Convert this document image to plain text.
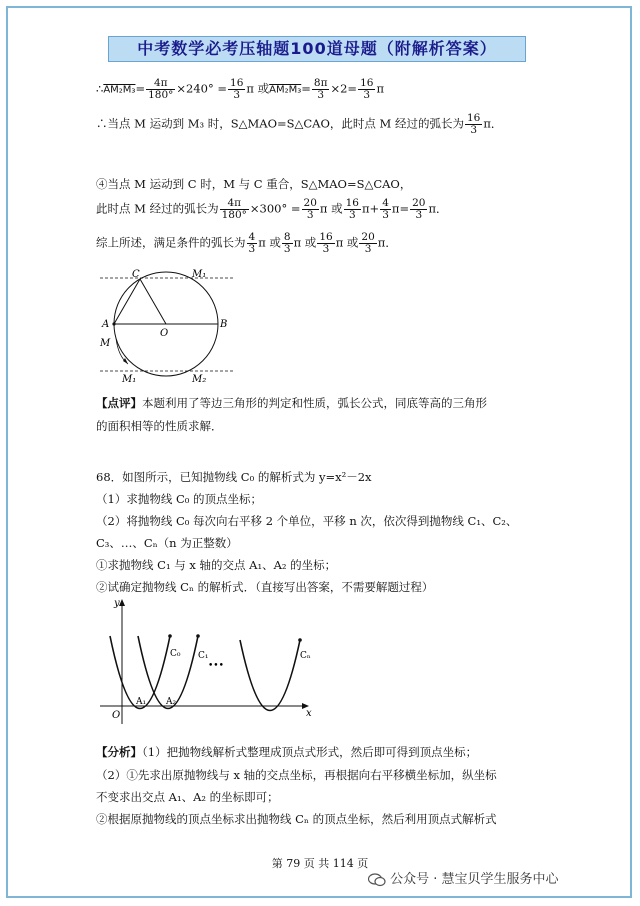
中考数学必考压轴题100道母题（附解析答案）
∴AM₂M₃= $\frac{4\pi}{180^\circ} \times 240^\circ = \frac{16}{3}$ π 或$AM_2M_3= \frac{8\pi}{3} \times 2= \frac{16}{3}$ π
∴当点 M 运动到 M₃ 时，S△MAO=S△CAO，此时点 M 经过的弧长为 $\frac{16}{3}$ π．
④当点 M 运动到 C 时，M 与 C 重合，S△MAO=S△CAO，
此时点 M 经过的弧长为 $\frac{4\pi}{180^\circ} \times 300^\circ = \frac{20}{3}$ π 或 $\frac{16}{3} \pi+ \frac{4}{3} \pi= \frac{20}{3}$ π．
综上所述，满足条件的弧长为 $\frac{4}{3}$ π 或 $\frac{8}{3}$ π 或 $\frac{16}{3}$ π 或 $\frac{20}{3}$ π．
C	M₁
A
O
B
M
M₁	M₂
【点评】本题利用了等边三角形的判定和性质，弧长公式，同底等高的三角形
的面积相等的性质求解．
68．如图所示，已知抛物线 C₀ 的解析式为 y=x²－2x
（1）求抛物线 C₀ 的顶点坐标；
（2）将抛物线 C₀ 每次向右平移 2 个单位，平移 n 次，依次得到抛物线 C₁、C₂、
C₃、…、Cₙ（n 为正整数）
①求抛物线 C₁ 与 x 轴的交点 A₁、A₂ 的坐标；
②试确定抛物线 Cₙ 的解析式．（直接写出答案，不需要解题过程）
y
x
O
A₁ A₂
C₀ C₁
•••
Cₙ
【分析】（1）把抛物线解析式整理成顶点式形式，然后即可得到顶点坐标；
（2）①先求出原抛物线与 x 轴的交点坐标，再根据向右平移横坐标加，纵坐标
不变求出交点 A₁、A₂ 的坐标即可；
②根据原抛物线的顶点坐标求出抛物线 Cₙ 的顶点坐标，然后利用顶点式解析式
第 79 页 共 114 页
公众号 · 慧宝贝学生服务中心
